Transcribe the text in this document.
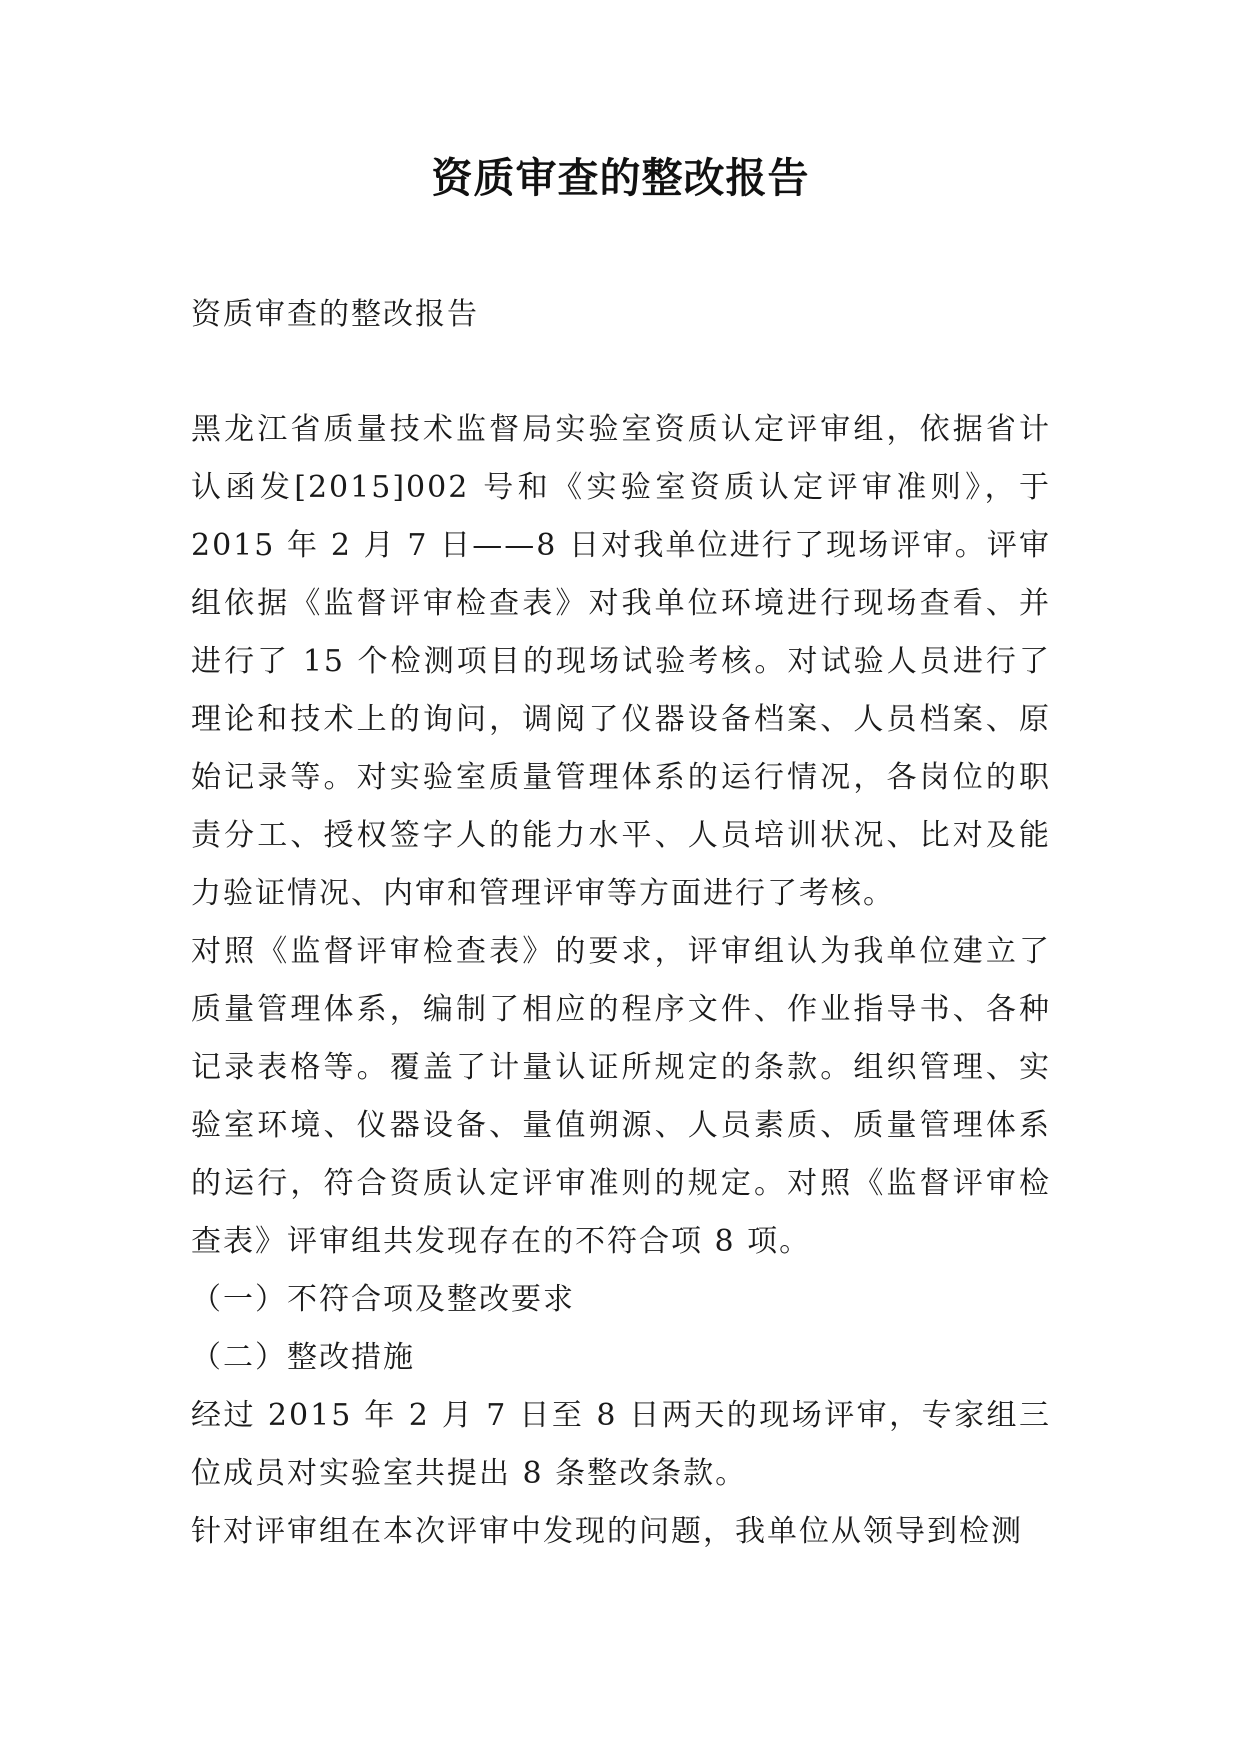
资质审查的整改报告
资质审查的整改报告

黑龙江省质量技术监督局实验室资质认定评审组，依据省计认函发[2015]002 号和《实验室资质认定评审准则》，于 2015 年 2 月 7 日——8 日对我单位进行了现场评审。评审组依据《监督评审检查表》对我单位环境进行现场查看、并进行了 15 个检测项目的现场试验考核。对试验人员进行了理论和技术上的询问，调阅了仪器设备档案、人员档案、原始记录等。对实验室质量管理体系的运行情况，各岗位的职责分工、授权签字人的能力水平、人员培训状况、比对及能力验证情况、内审和管理评审等方面进行了考核。

对照《监督评审检查表》的要求，评审组认为我单位建立了质量管理体系，编制了相应的程序文件、作业指导书、各种记录表格等。覆盖了计量认证所规定的条款。组织管理、实验室环境、仪器设备、量值朔源、人员素质、质量管理体系的运行，符合资质认定评审准则的规定。对照《监督评审检查表》评审组共发现存在的不符合项 8 项。

（一）不符合项及整改要求

（二）整改措施

经过 2015 年 2 月 7 日至 8 日两天的现场评审，专家组三位成员对实验室共提出 8 条整改条款。

针对评审组在本次评审中发现的问题，我单位从领导到检测
